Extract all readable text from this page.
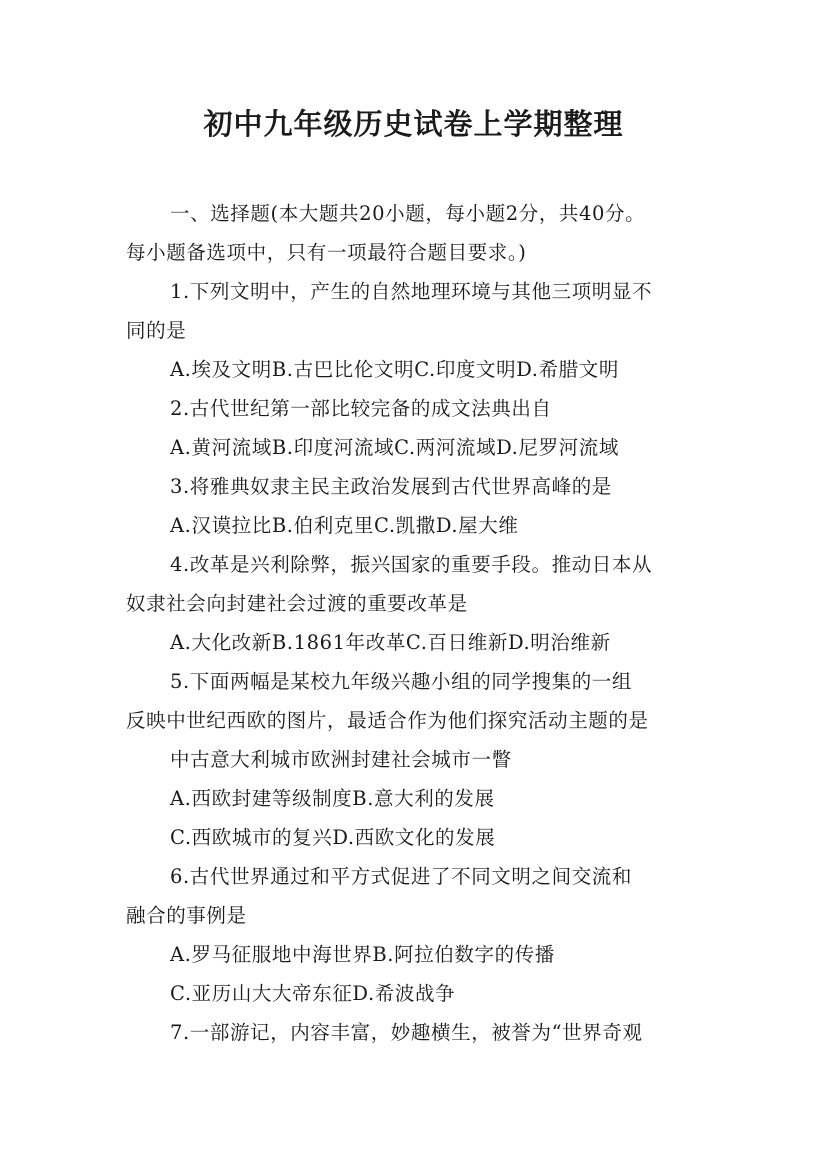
初中九年级历史试卷上学期整理
一、选择题(本大题共20小题，每小题2分，共40分。
每小题备选项中，只有一项最符合题目要求。)
1.下列文明中，产生的自然地理环境与其他三项明显不
同的是
A.埃及文明B.古巴比伦文明C.印度文明D.希腊文明
2.古代世纪第一部比较完备的成文法典出自
A.黄河流域B.印度河流域C.两河流域D.尼罗河流域
3.将雅典奴隶主民主政治发展到古代世界高峰的是
A.汉谟拉比B.伯利克里C.凯撒D.屋大维
4.改革是兴利除弊，振兴国家的重要手段。推动日本从
奴隶社会向封建社会过渡的重要改革是
A.大化改新B.1861年改革C.百日维新D.明治维新
5.下面两幅是某校九年级兴趣小组的同学搜集的一组
反映中世纪西欧的图片，最适合作为他们探究活动主题的是
中古意大利城市欧洲封建社会城市一瞥
A.西欧封建等级制度B.意大利的发展
C.西欧城市的复兴D.西欧文化的发展
6.古代世界通过和平方式促进了不同文明之间交流和
融合的事例是
A.罗马征服地中海世界B.阿拉伯数字的传播
C.亚历山大大帝东征D.希波战争
7.一部游记，内容丰富，妙趣横生，被誉为“世界奇观
